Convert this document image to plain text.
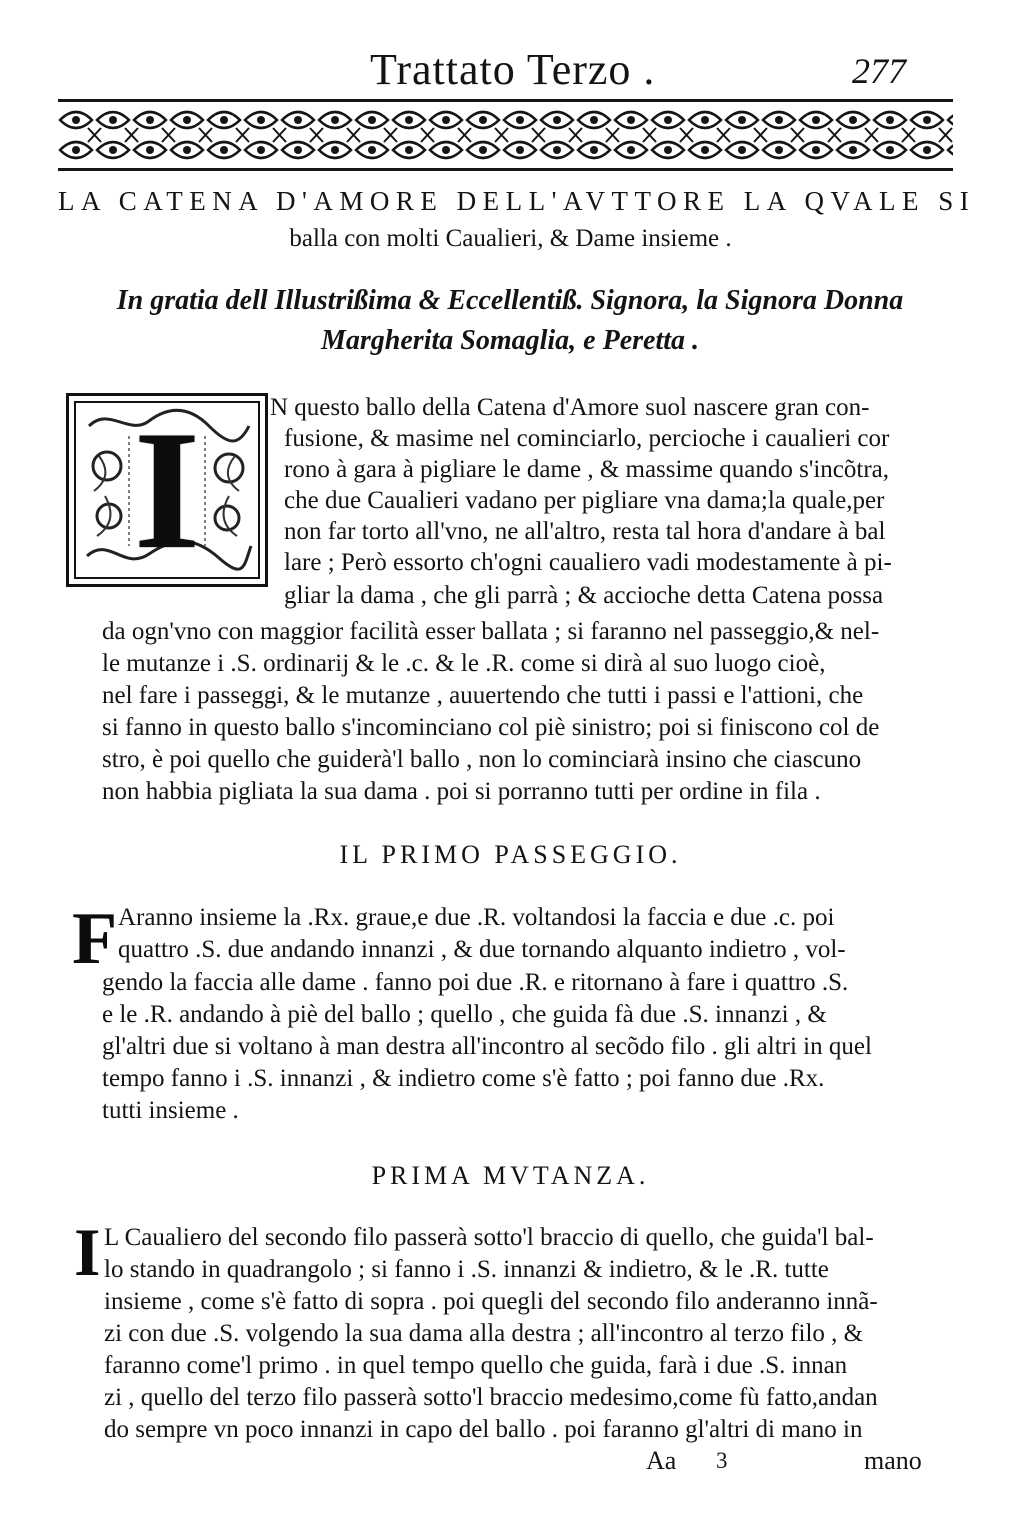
Trattato Terzo .	277
LA CATENA D'AMORE DELL'AVTTORE LA QVALE SI
balla con molti Caualieri, & Dame insieme .
In gratia dell Illustrißima & Eccellentiß. Signora, la Signora Donna
Margherita Somaglia, e Peretta .
I	N questo ballo della Catena d'Amore suol nascere gran con-
fusione, & masime nel cominciarlo, percioche i caualieri cor
rono à gara à pigliare le dame , & massime quando s'incõtra,
che due Caualieri vadano per pigliare vna dama;la quale,per
non far torto all'vno, ne all'altro, resta tal hora d'andare à bal
lare ; Però essorto ch'ogni caualiero vadi modestamente à pi-
gliar la dama , che gli parrà ; & accioche detta Catena possa
da ogn'vno con maggior facilità esser ballata ; si faranno nel passeggio,& nel-
le mutanze i .S. ordinarij & le .c. & le .R. come si dirà al suo luogo cioè,
nel fare i passeggi, & le mutanze , auuertendo che tutti i passi e l'attioni, che
si fanno in questo ballo s'incominciano col piè sinistro; poi si finiscono col de
stro, è poi quello che guiderà'l ballo , non lo cominciarà insino che ciascuno
non habbia pigliata la sua dama . poi si porranno tutti per ordine in fila .
IL PRIMO PASSEGGIO.
F Aranno insieme la .Rx. graue,e due .R. voltandosi la faccia e due .c. poi
quattro .S. due andando innanzi , & due tornando alquanto indietro , vol-
gendo la faccia alle dame . fanno poi due .R. e ritornano à fare i quattro .S.
e le .R. andando à piè del ballo ; quello , che guida fà due .S. innanzi , &
gl'altri due si voltano à man destra all'incontro al secõdo filo . gli altri in quel
tempo fanno i .S. innanzi , & indietro come s'è fatto ; poi fanno due .Rx.
tutti insieme .
PRIMA MVTANZA.
I L Caualiero del secondo filo passerà sotto'l braccio di quello, che guida'l bal-
lo stando in quadrangolo ; si fanno i .S. innanzi & indietro, & le .R. tutte
insieme , come s'è fatto di sopra . poi quegli del secondo filo anderanno innã-
zi con due .S. volgendo la sua dama alla destra ; all'incontro al terzo filo , &
faranno come'l primo . in quel tempo quello che guida, farà i due .S. innan
zi , quello del terzo filo passerà sotto'l braccio medesimo,come fù fatto,andan
do sempre vn poco innanzi in capo del ballo . poi faranno gl'altri di mano in
Aa 3	mano
